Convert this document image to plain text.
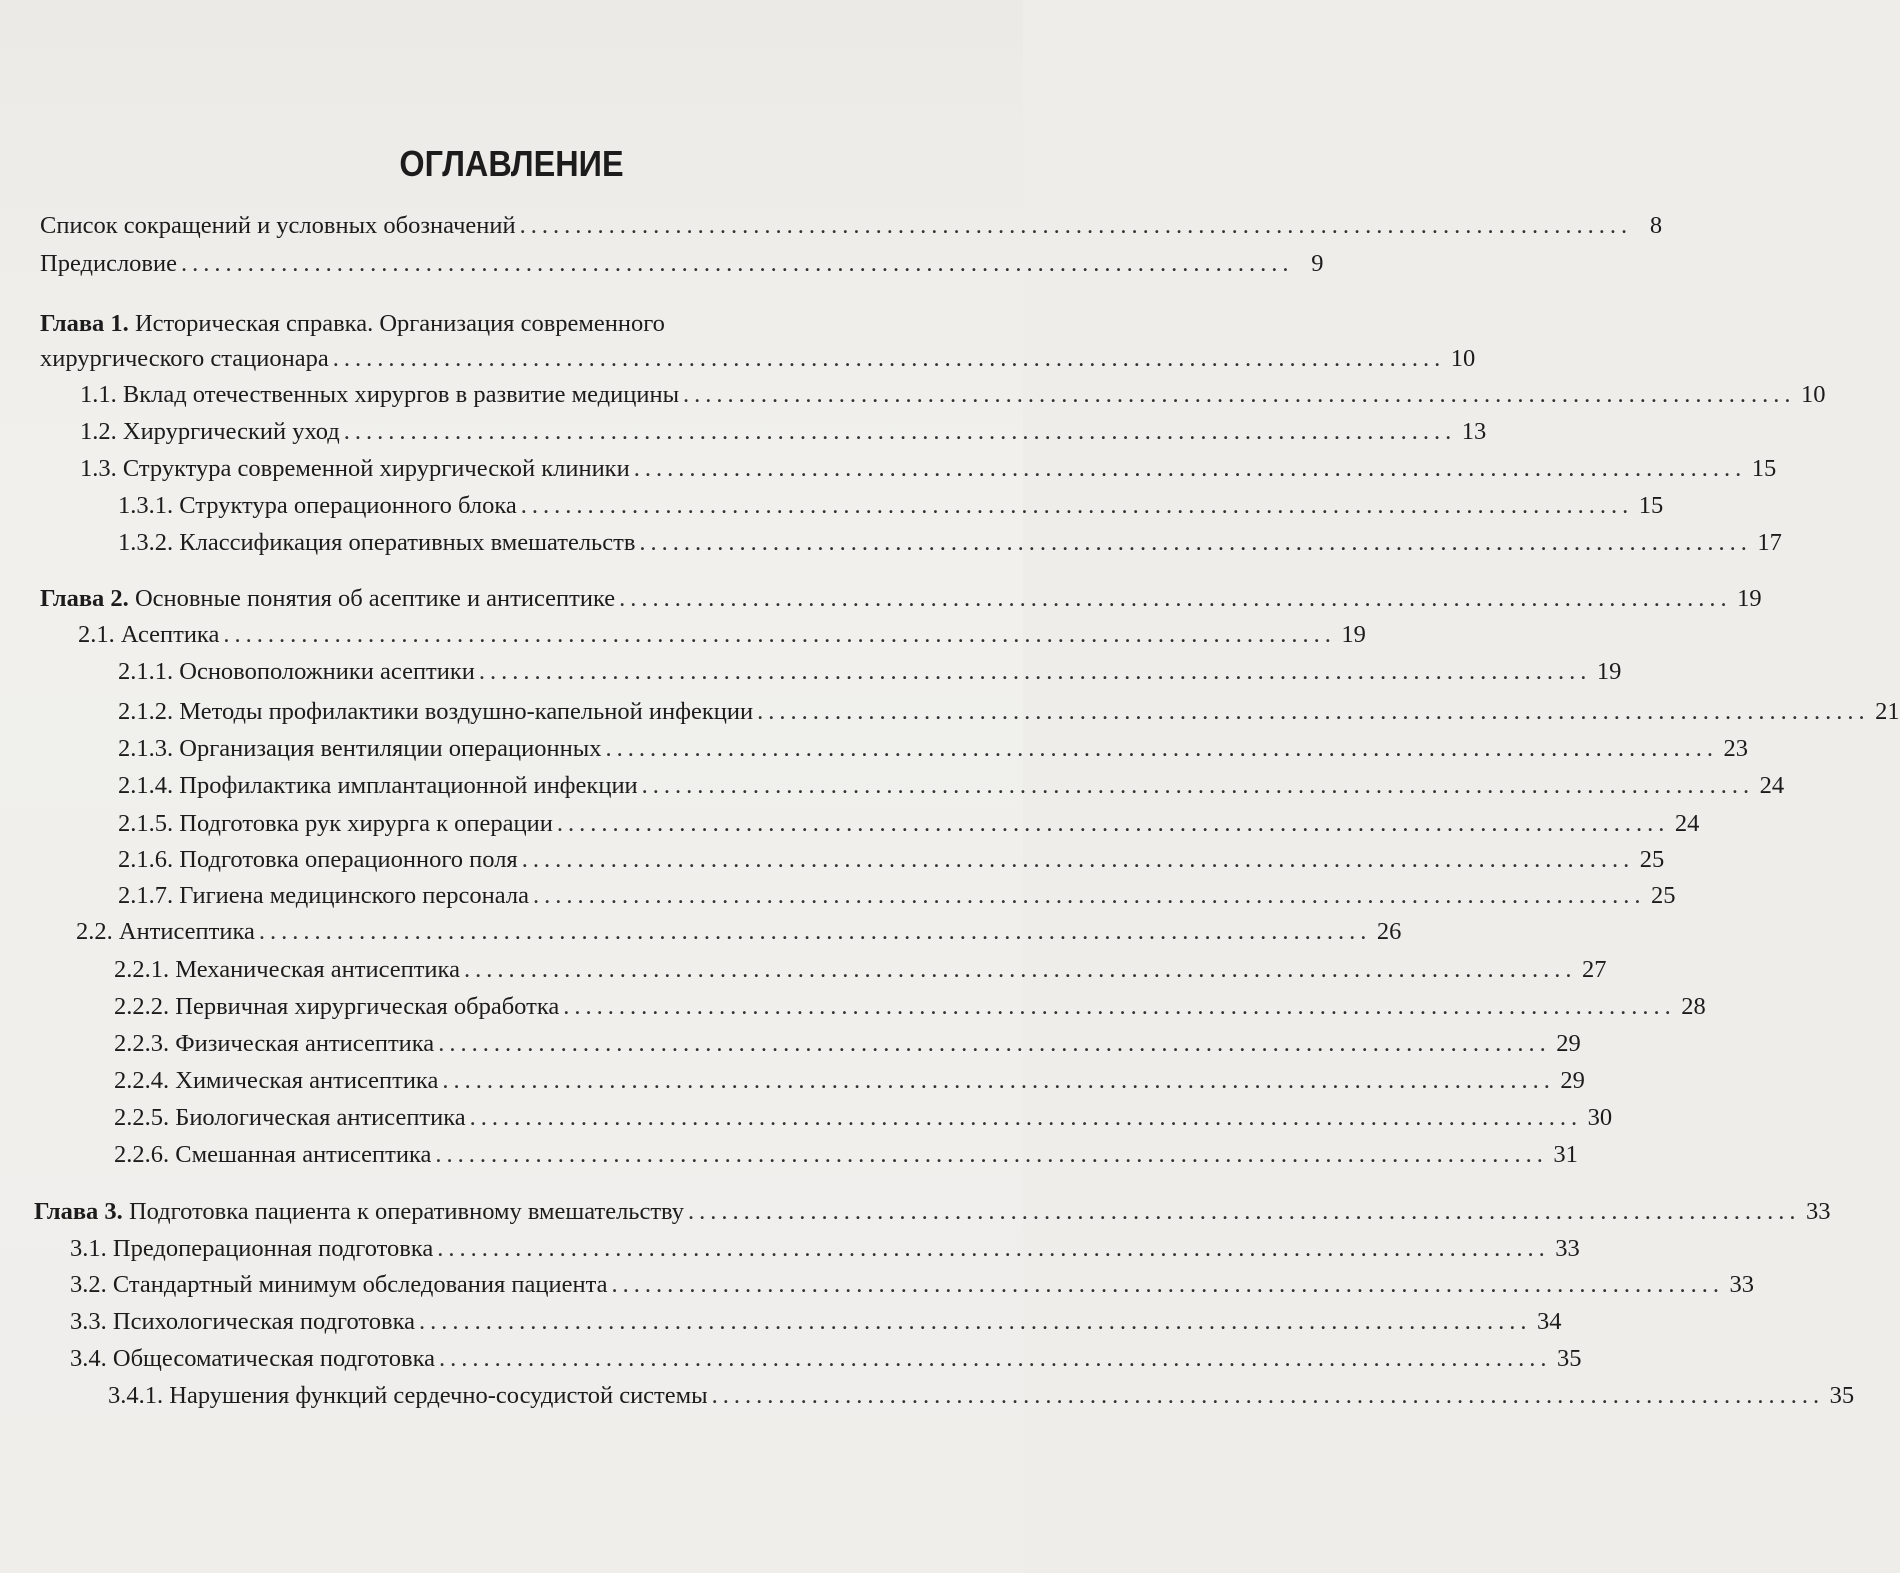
ОГЛАВЛЕНИЕ
Список сокращений и условных обозначений .................................................................................................... 8
Предисловие .................................................................................................... 9
Глава 1. Историческая справка. Организация современного
хирургического стационара .................................................................................................... 10
1.1. Вклад отечественных хирургов в развитие медицины .................................................................................................... 10
1.2. Хирургический уход .................................................................................................... 13
1.3. Структура современной хирургической клиники .................................................................................................... 15
1.3.1. Структура операционного блока .................................................................................................... 15
1.3.2. Классификация оперативных вмешательств .................................................................................................... 17
Глава 2. Основные понятия об асептике и антисептике .................................................................................................... 19
2.1. Асептика .................................................................................................... 19
2.1.1. Основоположники асептики .................................................................................................... 19
2.1.2. Методы профилактики воздушно-капельной инфекции .................................................................................................... 21
2.1.3. Организация вентиляции операционных .................................................................................................... 23
2.1.4. Профилактика имплантационной инфекции .................................................................................................... 24
2.1.5. Подготовка рук хирурга к операции .................................................................................................... 24
2.1.6. Подготовка операционного поля .................................................................................................... 25
2.1.7. Гигиена медицинского персонала .................................................................................................... 25
2.2. Антисептика .................................................................................................... 26
2.2.1. Механическая антисептика .................................................................................................... 27
2.2.2. Первичная хирургическая обработка .................................................................................................... 28
2.2.3. Физическая антисептика .................................................................................................... 29
2.2.4. Химическая антисептика .................................................................................................... 29
2.2.5. Биологическая антисептика .................................................................................................... 30
2.2.6. Смешанная антисептика .................................................................................................... 31
Глава 3. Подготовка пациента к оперативному вмешательству .................................................................................................... 33
3.1. Предоперационная подготовка .................................................................................................... 33
3.2. Стандартный минимум обследования пациента .................................................................................................... 33
3.3. Психологическая подготовка .................................................................................................... 34
3.4. Общесоматическая подготовка .................................................................................................... 35
3.4.1. Нарушения функций сердечно-сосудистой системы .................................................................................................... 35
